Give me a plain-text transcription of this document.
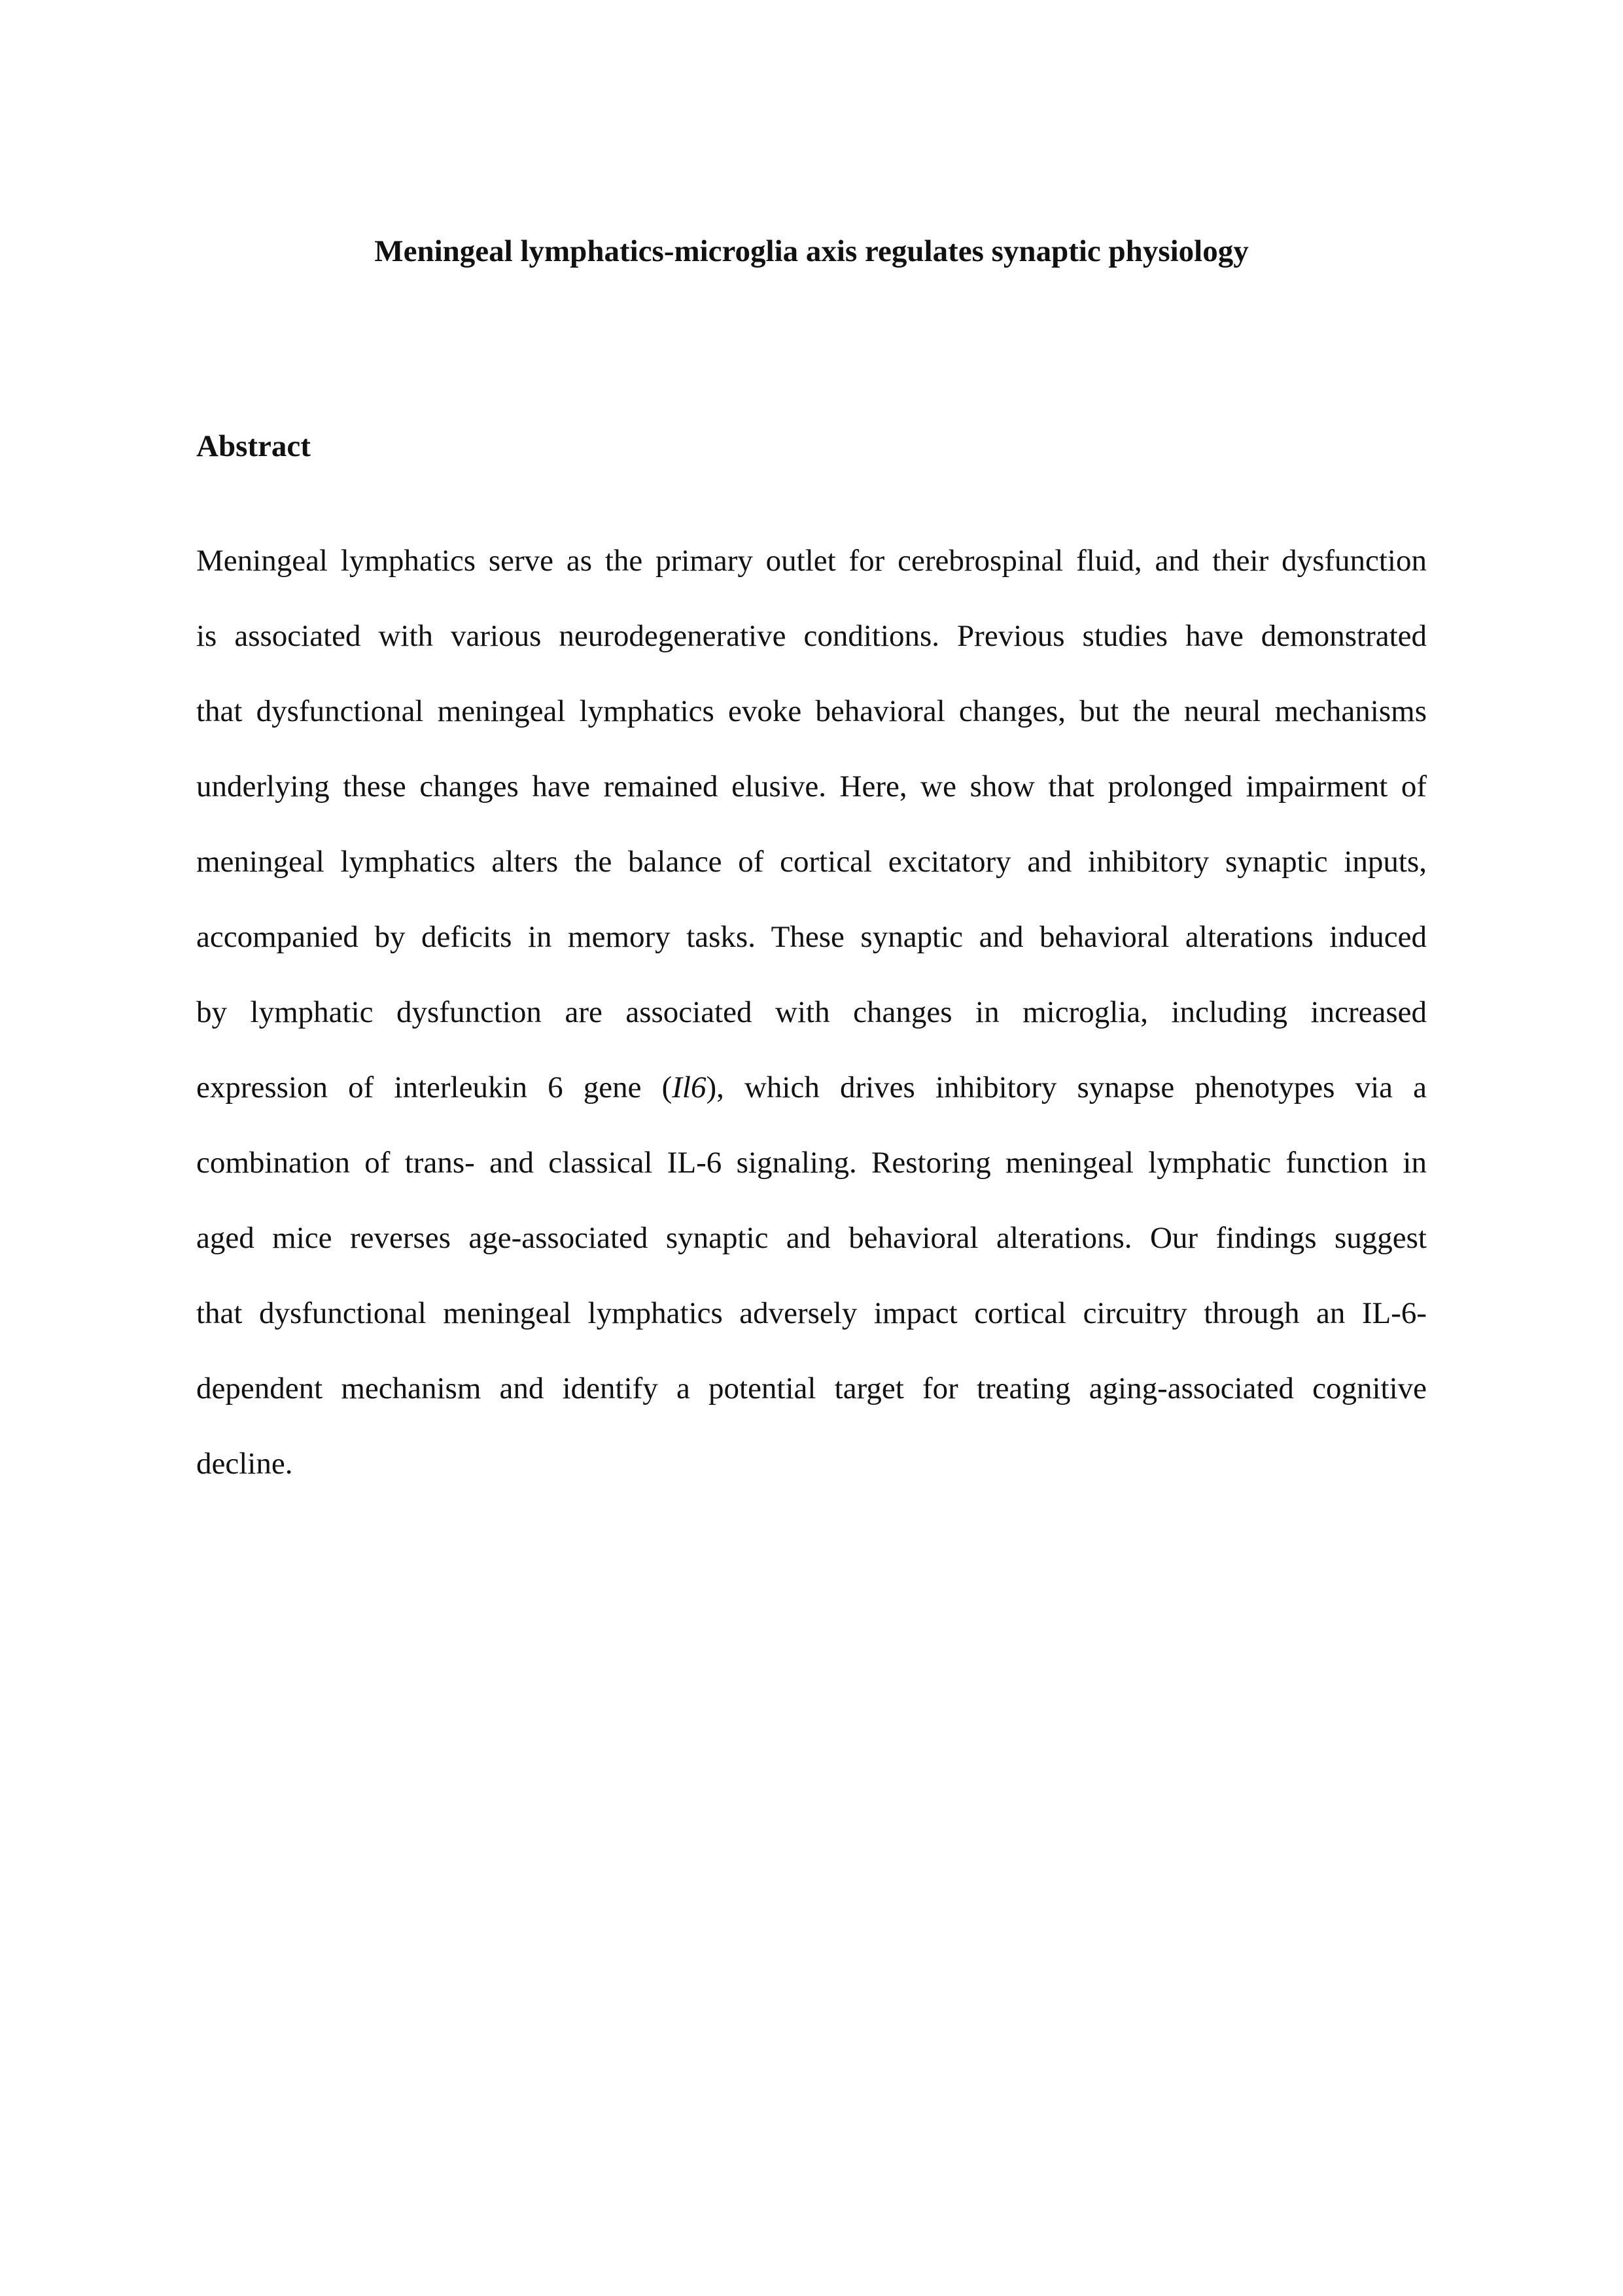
Meningeal lymphatics-microglia axis regulates synaptic physiology
Abstract

Meningeal lymphatics serve as the primary outlet for cerebrospinal fluid, and their dysfunction
is associated with various neurodegenerative conditions. Previous studies have demonstrated
that dysfunctional meningeal lymphatics evoke behavioral changes, but the neural mechanisms
underlying these changes have remained elusive. Here, we show that prolonged impairment of
meningeal lymphatics alters the balance of cortical excitatory and inhibitory synaptic inputs,
accompanied by deficits in memory tasks. These synaptic and behavioral alterations induced
by lymphatic dysfunction are associated with changes in microglia, including increased
expression of interleukin 6 gene (Il6), which drives inhibitory synapse phenotypes via a
combination of trans- and classical IL-6 signaling. Restoring meningeal lymphatic function in
aged mice reverses age-associated synaptic and behavioral alterations. Our findings suggest
that dysfunctional meningeal lymphatics adversely impact cortical circuitry through an IL-6-
dependent mechanism and identify a potential target for treating aging-associated cognitive
decline.
